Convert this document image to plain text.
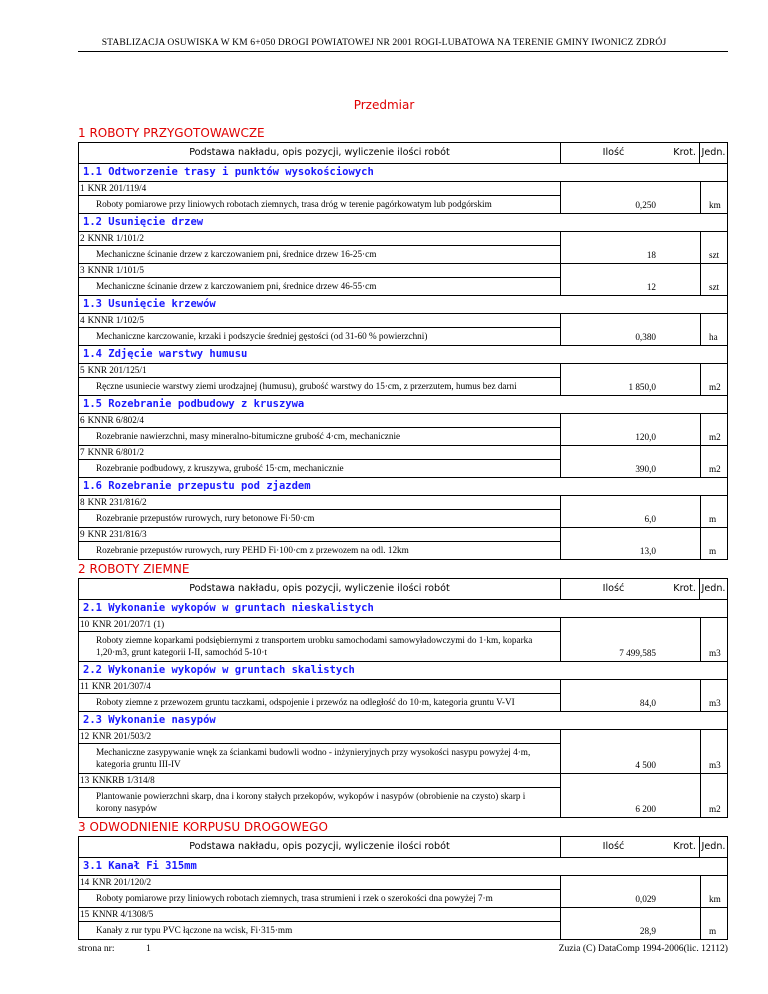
STABLIZACJA OSUWISKA W KM 6+050 DROGI POWIATOWEJ NR 2001 ROGI-LUBATOWA NA TERENIE GMINY IWONICZ ZDRÓJ
Przedmiar
1 ROBOTY PRZYGOTOWAWCZE
Podstawa nakładu, opis pozycji, wyliczenie ilości robót	Ilość	Krot. Jedn.
1.1 Odtworzenie trasy i punktów wysokościowych
1 KNR 201/119/4
Roboty pomiarowe przy liniowych robotach ziemnych, trasa dróg w terenie pagórkowatym lub podgórskim	0,250	km
1.2 Usunięcie drzew
2 KNNR 1/101/2
Mechaniczne ścinanie drzew z karczowaniem pni, średnice drzew 16-25·cm	18	szt
3 KNNR 1/101/5
Mechaniczne ścinanie drzew z karczowaniem pni, średnice drzew 46-55·cm	12	szt
1.3 Usunięcie krzewów
4 KNNR 1/102/5
Mechaniczne karczowanie, krzaki i podszycie średniej gęstości (od 31-60 % powierzchni)	0,380	ha
1.4 Zdjęcie warstwy humusu
5 KNR 201/125/1
Ręczne usuniecie warstwy ziemi urodzajnej (humusu), grubość warstwy do 15·cm, z przerzutem, humus bez darni	1 850,0	m2
1.5 Rozebranie podbudowy z kruszywa
6 KNNR 6/802/4
Rozebranie nawierzchni, masy mineralno-bitumiczne grubość 4·cm, mechanicznie	120,0	m2
7 KNNR 6/801/2
Rozebranie podbudowy, z kruszywa, grubość 15·cm, mechanicznie	390,0	m2
1.6 Rozebranie przepustu pod zjazdem
8 KNR 231/816/2
Rozebranie przepustów rurowych, rury betonowe Fi·50·cm	6,0	m
9 KNR 231/816/3
Rozebranie przepustów rurowych, rury PEHD Fi·100·cm z przewozem na odl. 12km	13,0	m
2 ROBOTY ZIEMNE
Podstawa nakładu, opis pozycji, wyliczenie ilości robót	Ilość	Krot. Jedn.
2.1 Wykonanie wykopów w gruntach nieskalistych
10 KNR 201/207/1 (1)
Roboty ziemne koparkami podsiębiernymi z transportem urobku samochodami samowyładowczymi do 1·km, koparka 1,20·m3, grunt kategorii I-II, samochód 5-10·t	7 499,585	m3
2.2 Wykonanie wykopów w gruntach skalistych
11 KNR 201/307/4
Roboty ziemne z przewozem gruntu taczkami, odspojenie i przewóz na odległość do 10·m, kategoria gruntu V-VI	84,0	m3
2.3 Wykonanie nasypów
12 KNR 201/503/2
Mechaniczne zasypywanie wnęk za ściankami budowli wodno - inżynieryjnych przy wysokości nasypu powyżej 4·m, kategoria gruntu III-IV	4 500	m3
13 KNKRB 1/314/8
Plantowanie powierzchni skarp, dna i korony stałych przekopów, wykopów i nasypów (obrobienie na czysto) skarp i korony nasypów	6 200	m2
3 ODWODNIENIE KORPUSU DROGOWEGO
Podstawa nakładu, opis pozycji, wyliczenie ilości robót	Ilość	Krot. Jedn.
3.1 Kanał Fi 315mm
14 KNR 201/120/2
Roboty pomiarowe przy liniowych robotach ziemnych, trasa strumieni i rzek o szerokości dna powyżej 7·m	0,029	km
15 KNNR 4/1308/5
Kanały z rur typu PVC łączone na wcisk, Fi·315·mm	28,9	m
strona nr:	1	Zuzia (C) DataComp 1994-2006(lic. 12112)
